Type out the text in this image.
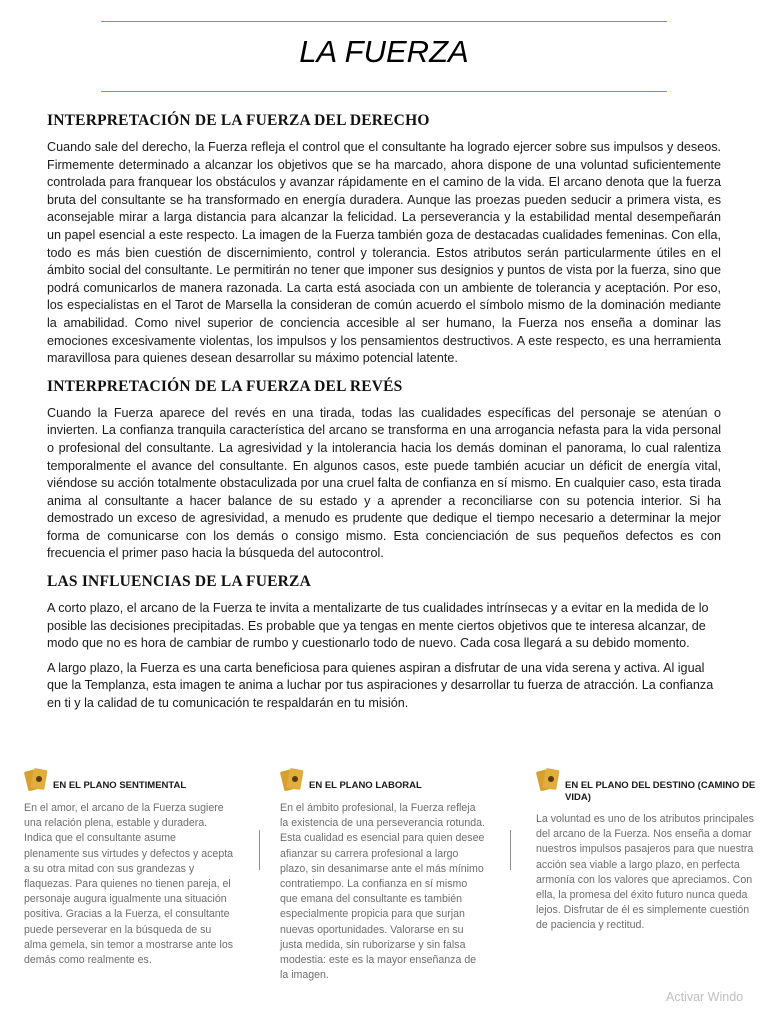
LA FUERZA
INTERPRETACIÓN DE LA FUERZA DEL DERECHO

Cuando sale del derecho, la Fuerza refleja el control que el consultante ha logrado ejercer sobre sus impulsos y deseos. Firmemente determinado a alcanzar los objetivos que se ha marcado, ahora dispone de una voluntad suficientemente controlada para franquear los obstáculos y avanzar rápidamente en el camino de la vida. El arcano denota que la fuerza bruta del consultante se ha transformado en energía duradera. Aunque las proezas pueden seducir a primera vista, es aconsejable mirar a larga distancia para alcanzar la felicidad. La perseverancia y la estabilidad mental desempeñarán un papel esencial a este respecto. La imagen de la Fuerza también goza de destacadas cualidades femeninas. Con ella, todo es más bien cuestión de discernimiento, control y tolerancia. Estos atributos serán particularmente útiles en el ámbito social del consultante. Le permitirán no tener que imponer sus designios y puntos de vista por la fuerza, sino que podrá comunicarlos de manera razonada. La carta está asociada con un ambiente de tolerancia y aceptación. Por eso, los especialistas en el Tarot de Marsella la consideran de común acuerdo el símbolo mismo de la dominación mediante la amabilidad. Como nivel superior de conciencia accesible al ser humano, la Fuerza nos enseña a dominar las emociones excesivamente violentas, los impulsos y los pensamientos destructivos. A este respecto, es una herramienta maravillosa para quienes desean desarrollar su máximo potencial latente.

INTERPRETACIÓN DE LA FUERZA DEL REVÉS

Cuando la Fuerza aparece del revés en una tirada, todas las cualidades específicas del personaje se atenúan o invierten. La confianza tranquila característica del arcano se transforma en una arrogancia nefasta para la vida personal o profesional del consultante. La agresividad y la intolerancia hacia los demás dominan el panorama, lo cual ralentiza temporalmente el avance del consultante. En algunos casos, este puede también acuciar un déficit de energía vital, viéndose su acción totalmente obstaculizada por una cruel falta de confianza en sí mismo. En cualquier caso, esta tirada anima al consultante a hacer balance de su estado y a aprender a reconciliarse con su potencia interior. Si ha demostrado un exceso de agresividad, a menudo es prudente que dedique el tiempo necesario a determinar la mejor forma de comunicarse con los demás o consigo mismo. Esta concienciación de sus pequeños defectos es con frecuencia el primer paso hacia la búsqueda del autocontrol.

LAS INFLUENCIAS DE LA FUERZA

A corto plazo, el arcano de la Fuerza te invita a mentalizarte de tus cualidades intrínsecas y a evitar en la medida de lo posible las decisiones precipitadas. Es probable que ya tengas en mente ciertos objetivos que te interesa alcanzar, de modo que no es hora de cambiar de rumbo y cuestionarlo todo de nuevo. Cada cosa llegará a su debido momento.

A largo plazo, la Fuerza es una carta beneficiosa para quienes aspiran a disfrutar de una vida serena y activa. Al igual que la Templanza, esta imagen te anima a luchar por tus aspiraciones y desarrollar tu fuerza de atracción. La confianza en ti y la calidad de tu comunicación te respaldarán en tu misión.

EN EL PLANO SENTIMENTAL

En el amor, el arcano de la Fuerza sugiere una relación plena, estable y duradera. Indica que el consultante asume plenamente sus virtudes y defectos y acepta a su otra mitad con sus grandezas y flaquezas. Para quienes no tienen pareja, el personaje augura igualmente una situación positiva. Gracias a la Fuerza, el consultante puede perseverar en la búsqueda de su alma gemela, sin temor a mostrarse ante los demás como realmente es.

EN EL PLANO LABORAL

En el ámbito profesional, la Fuerza refleja la existencia de una perseverancia rotunda. Esta cualidad es esencial para quien desee afianzar su carrera profesional a largo plazo, sin desanimarse ante el más mínimo contratiempo. La confianza en sí mismo que emana del consultante es también especialmente propicia para que surjan nuevas oportunidades. Valorarse en su justa medida, sin ruborizarse y sin falsa modestia: este es la mayor enseñanza de la imagen.

EN EL PLANO DEL DESTINO (CAMINO DE VIDA)

La voluntad es uno de los atributos principales del arcano de la Fuerza. Nos enseña a domar nuestros impulsos pasajeros para que nuestra acción sea viable a largo plazo, en perfecta armonía con los valores que apreciamos. Con ella, la promesa del éxito futuro nunca queda lejos. Disfrutar de él es simplemente cuestión de paciencia y rectitud.

Activar Windo
